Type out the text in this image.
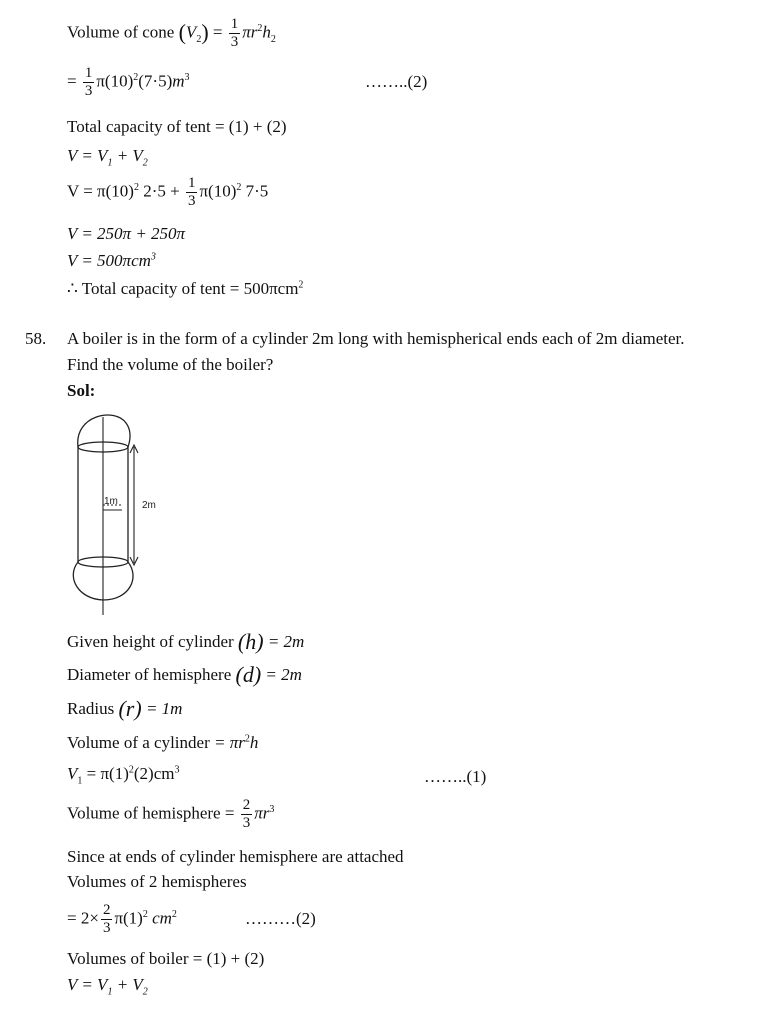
Volume of cone $(V_2) = \frac{1}{3} \pi r^2h_2$
= $\frac{1}{3} \pi(10)^2(7\cdot 5)m^3$	……..(2)
Total capacity of tent = (1) + (2)
$V = V_1 + V_2$
$V = \pi(10)^2$ $2\cdot 5 + \frac{1}{3} \pi(10)^2$ 7·5
V = 250π + 250π
V = 500πcm$^3$
∴ Total capacity of tent = 500πcm$^2$
58. A boiler is in the form of a cylinder 2m long with hemispherical ends each of 2m diameter.
Find the volume of the boiler?
Sol:
1m 2m
Given height of cylinder (h) = 2m
Diameter of hemisphere (d) = 2m
Radius (r) = 1m
Volume of a cylinder = $\pi r^2h$
$V_1 = \pi(1)^2(2)cm^3$	……..(1)
Volume of hemisphere = $\frac{2}{3} \pi r^3$
Since at ends of cylinder hemisphere are attached
Volumes of 2 hemispheres
= $2\times \frac{2}{3} \pi(1)^2$ $cm^2$	………(2)
Volumes of boiler = (1) + (2)
$V = V_1 + V_2$
